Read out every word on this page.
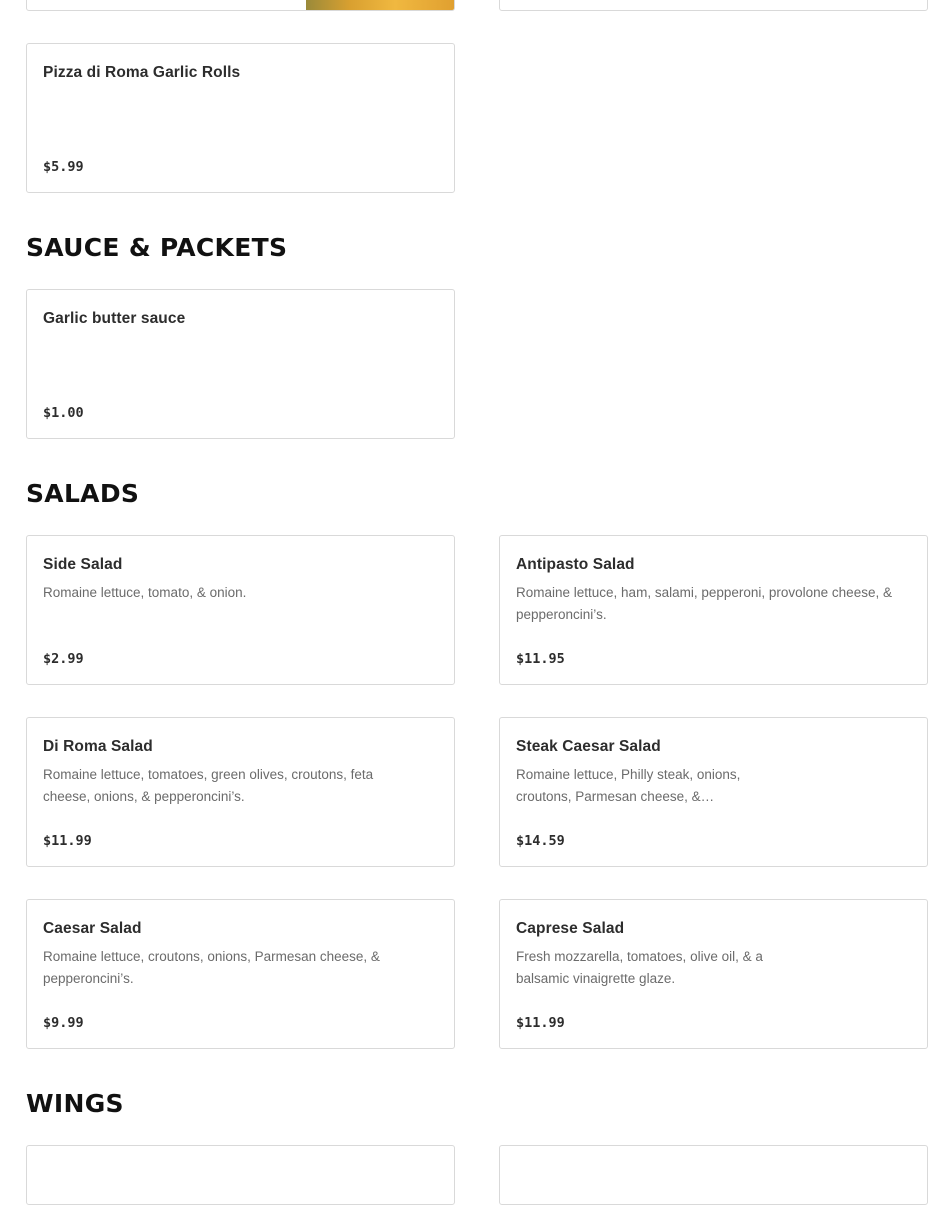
Pizza di Roma Garlic Rolls
$5.99
SAUCE & PACKETS
Garlic butter sauce
$1.00
SALADS
Side Salad
Romaine lettuce, tomato, & onion.
$2.99
Antipasto Salad
Romaine lettuce, ham, salami, pepperoni, provolone cheese, & pepperoncini’s.
$11.95
Di Roma Salad
Romaine lettuce, tomatoes, green olives, croutons, feta cheese, onions, & pepperoncini’s.
$11.99
Steak Caesar Salad
Romaine lettuce, Philly steak, onions, croutons, Parmesan cheese, &…
$14.59
Caesar Salad
Romaine lettuce, croutons, onions, Parmesan cheese, & pepperoncini’s.
$9.99
Caprese Salad
Fresh mozzarella, tomatoes, olive oil, & a balsamic vinaigrette glaze.
$11.99
WINGS
